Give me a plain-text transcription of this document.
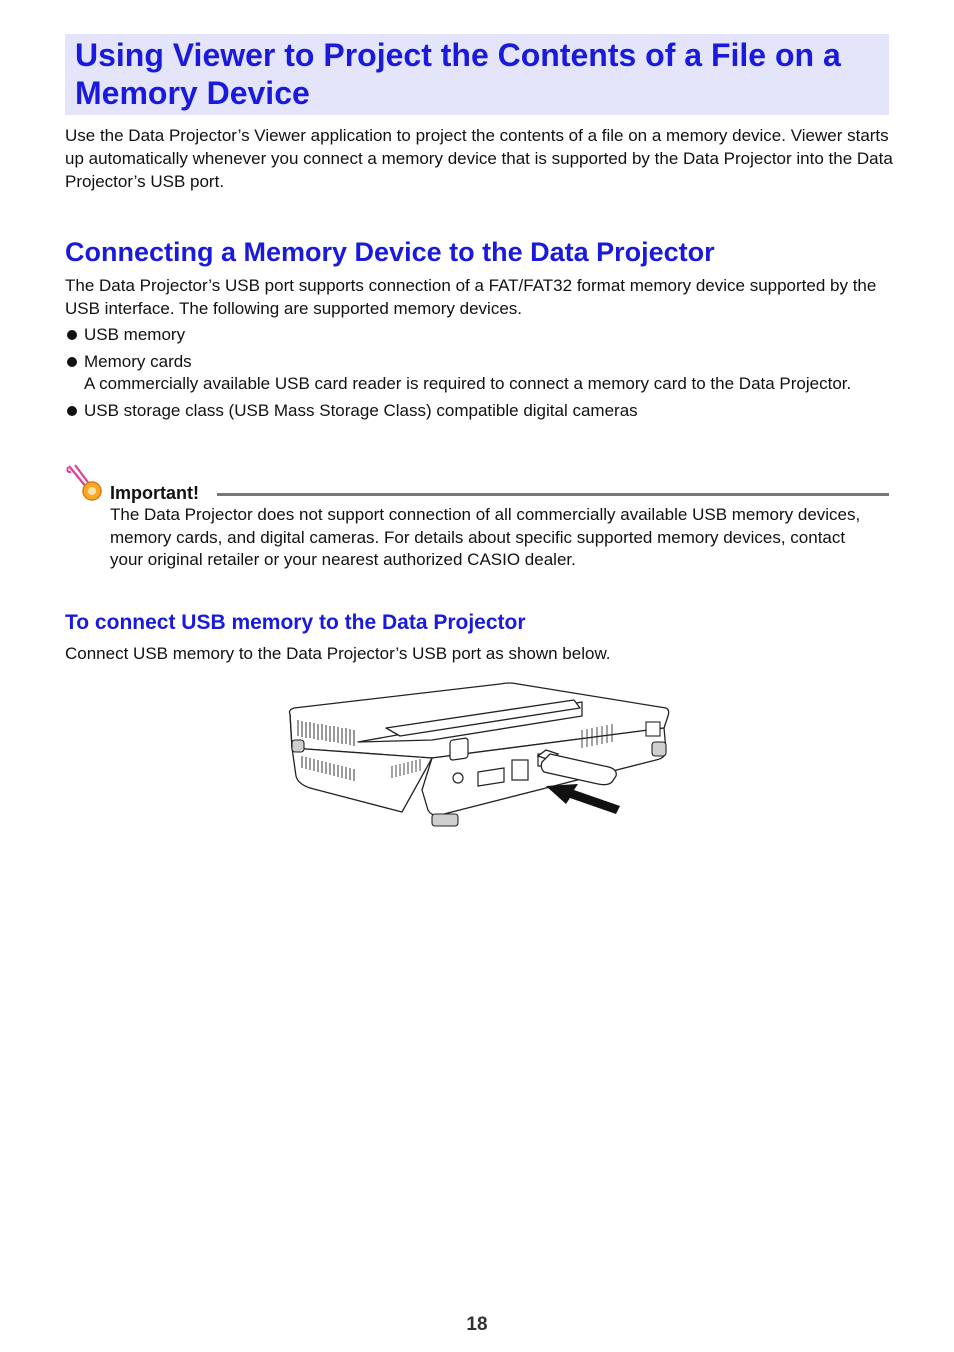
Using Viewer to Project the Contents of a File on a Memory Device

Use the Data Projector’s Viewer application to project the contents of a file on a memory device. Viewer starts up automatically whenever you connect a memory device that is supported by the Data Projector into the Data Projector’s USB port.

Connecting a Memory Device to the Data Projector

The Data Projector’s USB port supports connection of a FAT/FAT32 format memory device supported by the USB interface. The following are supported memory devices.

USB memory
Memory cards
A commercially available USB card reader is required to connect a memory card to the Data Projector.
USB storage class (USB Mass Storage Class) compatible digital cameras
Important!

The Data Projector does not support connection of all commercially available USB memory devices, memory cards, and digital cameras. For details about specific supported memory devices, contact your original retailer or your nearest authorized CASIO dealer.

To connect USB memory to the Data Projector

Connect USB memory to the Data Projector’s USB port as shown below.

18
